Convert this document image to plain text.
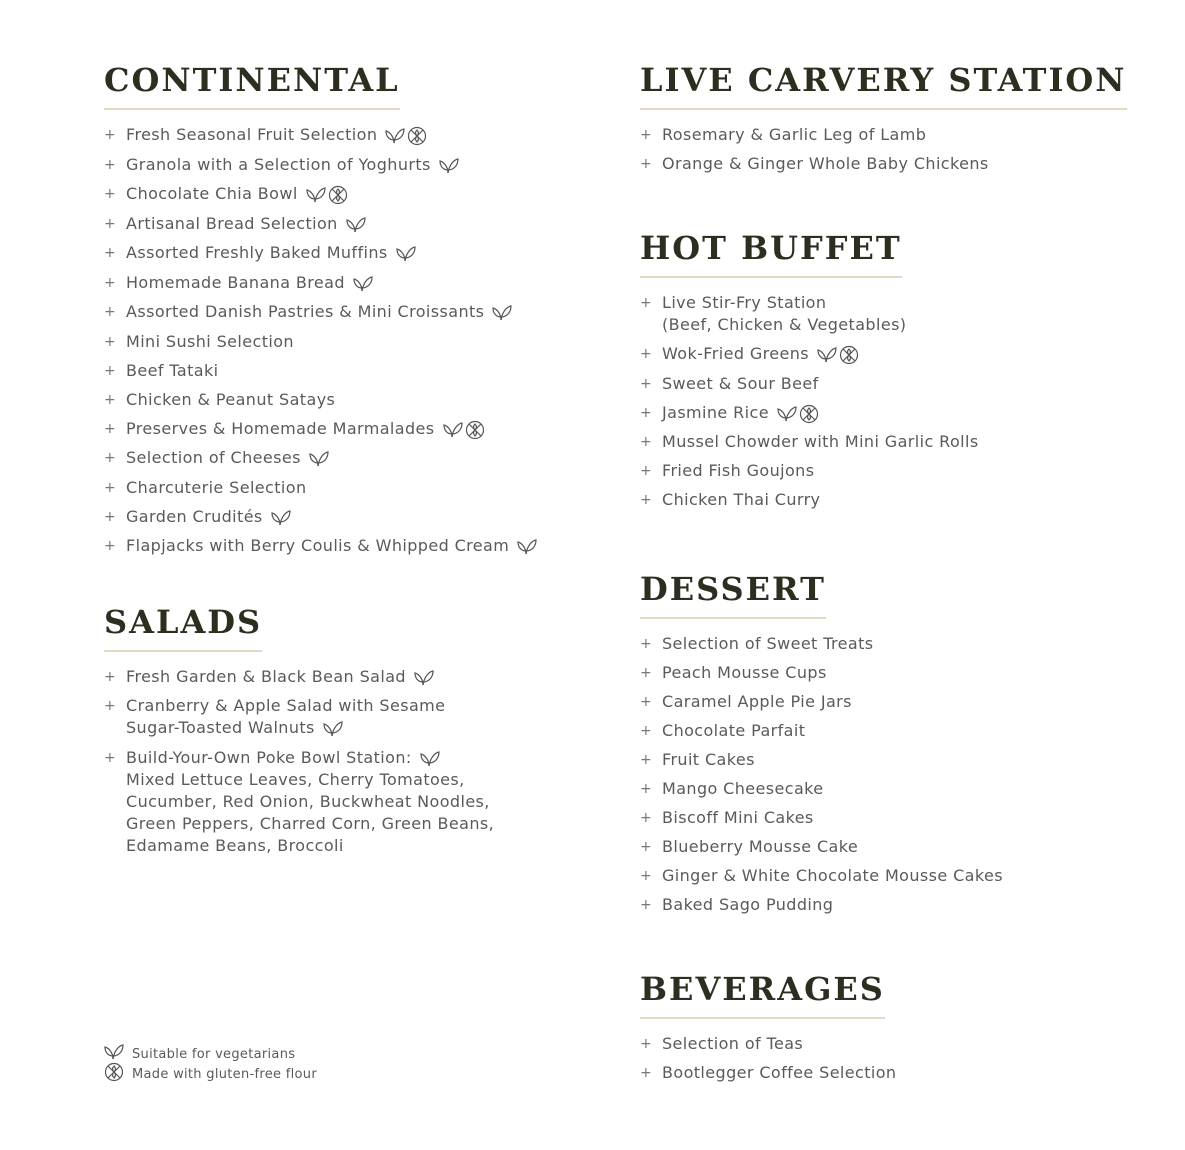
CONTINENTAL
+ Fresh Seasonal Fruit Selection
+ Granola with a Selection of Yoghurts
+ Chocolate Chia Bowl
+ Artisanal Bread Selection
+ Assorted Freshly Baked Muffins
+ Homemade Banana Bread
+ Assorted Danish Pastries & Mini Croissants
+ Mini Sushi Selection
+ Beef Tataki
+ Chicken & Peanut Satays
+ Preserves & Homemade Marmalades
+ Selection of Cheeses
+ Charcuterie Selection
+ Garden Crudités
+ Flapjacks with Berry Coulis & Whipped Cream
SALADS
+ Fresh Garden & Black Bean Salad
+ Cranberry & Apple Salad with Sesame
Sugar-Toasted Walnuts
+ Build-Your-Own Poke Bowl Station:
Mixed Lettuce Leaves, Cherry Tomatoes,
Cucumber, Red Onion, Buckwheat Noodles,
Green Peppers, Charred Corn, Green Beans,
Edamame Beans, Broccoli
LIVE CARVERY STATION
+ Rosemary & Garlic Leg of Lamb
+ Orange & Ginger Whole Baby Chickens
HOT BUFFET
+ Live Stir-Fry Station
(Beef, Chicken & Vegetables)
+ Wok-Fried Greens
+ Sweet & Sour Beef
+ Jasmine Rice
+ Mussel Chowder with Mini Garlic Rolls
+ Fried Fish Goujons
+ Chicken Thai Curry
DESSERT
+ Selection of Sweet Treats
+ Peach Mousse Cups
+ Caramel Apple Pie Jars
+ Chocolate Parfait
+ Fruit Cakes
+ Mango Cheesecake
+ Biscoff Mini Cakes
+ Blueberry Mousse Cake
+ Ginger & White Chocolate Mousse Cakes
+ Baked Sago Pudding
BEVERAGES
+ Selection of Teas
+ Bootlegger Coffee Selection
Suitable for vegetarians
Made with gluten-free flour
